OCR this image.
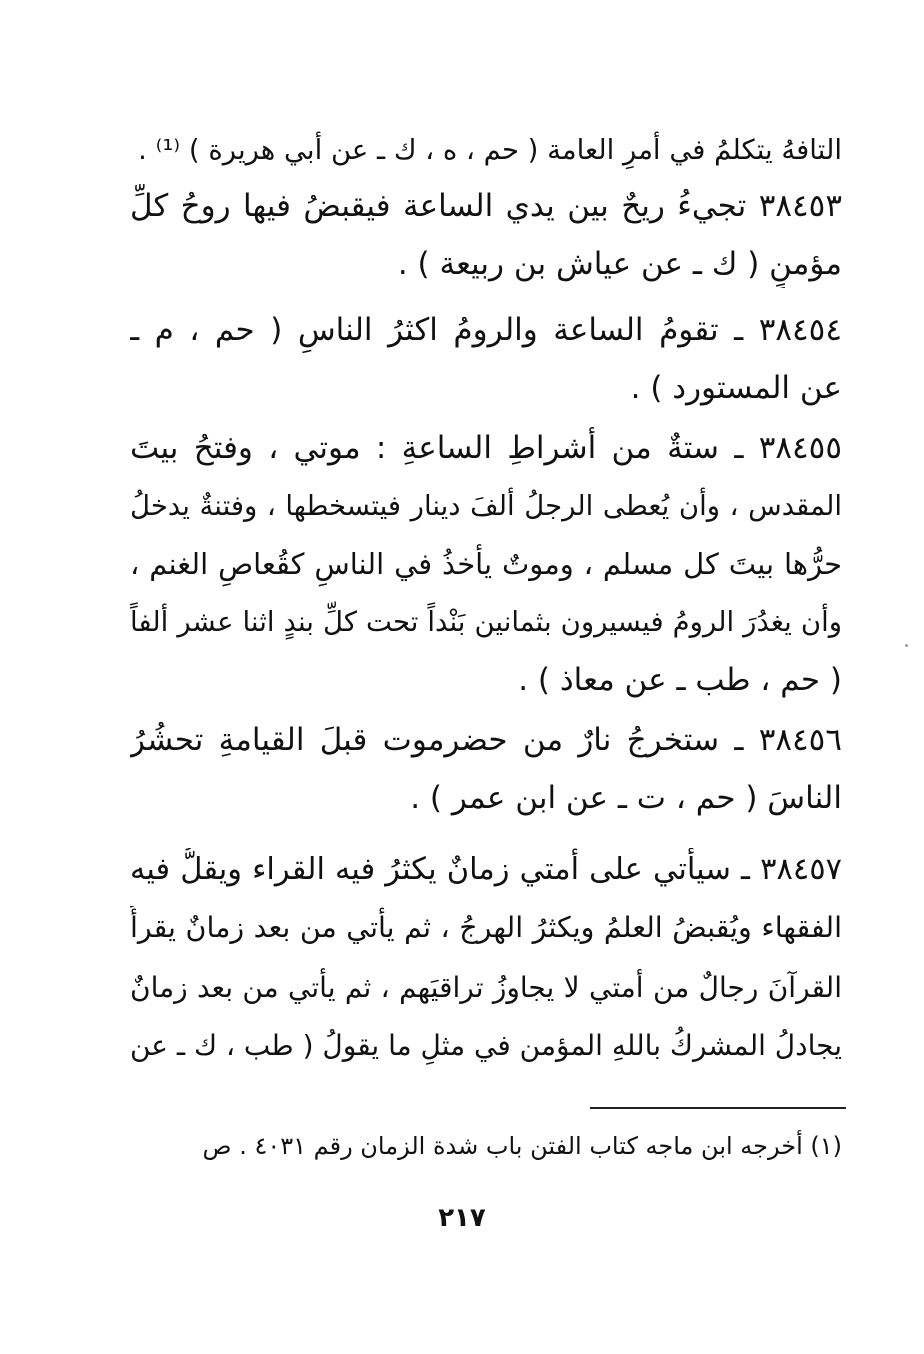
التافهُ يتكلمُ في أمرِ العامة ( حم ، ه ، ك ـ عن أبي هريرة ) ⁽¹⁾ .
٣٨٤٥٣ تجيءُ ريحٌ بين يدي الساعة فيقبضُ فيها روحُ كلِّ
مؤمنٍ ( ك ـ عن عياش بن ربيعة ) .
٣٨٤٥٤ ـ تقومُ الساعة والرومُ اكثرُ الناسِ ( حم ، م ـ
عن المستورد ) .
٣٨٤٥٥ ـ ستةٌ من أشراطِ الساعةِ : موتي ، وفتحُ بيتَ
المقدس ، وأن يُعطى الرجلُ ألفَ دينار فيتسخطها ، وفتنةٌ يدخلُ
حرُّها بيتَ كل مسلم ، وموتٌ يأخذُ في الناسِ كقُعاصِ الغنم ،
وأن يغدُرَ الرومُ فيسيرون بثمانين بَنْداً تحت كلِّ بندٍ اثنا عشر ألفاً
( حم ، طب ـ عن معاذ ) .
٣٨٤٥٦ ـ ستخرجُ نارٌ من حضرموت قبلَ القيامةِ تحشُرُ
الناسَ ( حم ، ت ـ عن ابن عمر ) .
٣٨٤٥٧ ـ سيأتي على أمتي زمانٌ يكثرُ فيه القراء ويقلُّ فيه
الفقهاء ويُقبضُ العلمُ ويكثرُ الهرجُ ، ثم يأتي من بعد زمانٌ يقرأُ
القرآنَ رجالٌ من أمتي لا يجاوزُ تراقيَهم ، ثم يأتي من بعد زمانٌ
يجادلُ المشركُ باللهِ المؤمن في مثلِ ما يقولُ ( طب ، ك ـ عن
(١) أخرجه ابن ماجه كتاب الفتن باب شدة الزمان رقم ٤٠٣١ . ص
٢١٧
